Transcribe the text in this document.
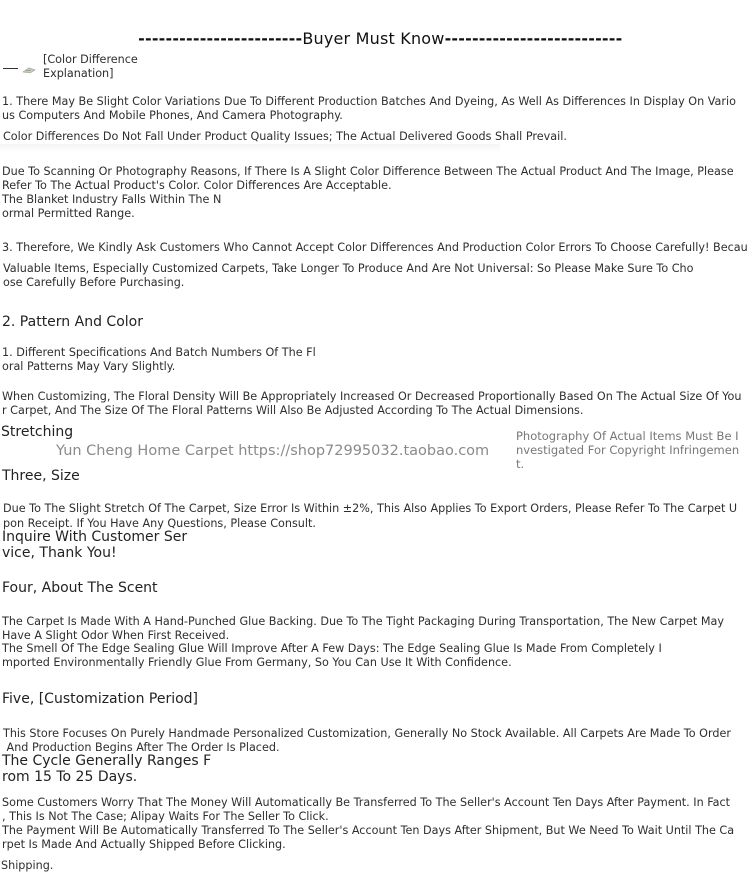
------------------------Buyer Must Know--------------------------

[Color Difference
Explanation]
1. There May Be Slight Color Variations Due To Different Production Batches And Dyeing, As Well As Differences In Display On Vario
us Computers And Mobile Phones, And Camera Photography.
Color Differences Do Not Fall Under Product Quality Issues; The Actual Delivered Goods Shall Prevail.
Due To Scanning Or Photography Reasons, If There Is A Slight Color Difference Between The Actual Product And The Image, Please
Refer To The Actual Product's Color. Color Differences Are Acceptable.
The Blanket Industry Falls Within The N
ormal Permitted Range.
3. Therefore, We Kindly Ask Customers Who Cannot Accept Color Differences And Production Color Errors To Choose Carefully! Becau
Valuable Items, Especially Customized Carpets, Take Longer To Produce And Are Not Universal: So Please Make Sure To Cho
ose Carefully Before Purchasing.
2. Pattern And Color
1. Different Specifications And Batch Numbers Of The Fl
oral Patterns May Vary Slightly.
When Customizing, The Floral Density Will Be Appropriately Increased Or Decreased Proportionally Based On The Actual Size Of You
r Carpet, And The Size Of The Floral Patterns Will Also Be Adjusted According To The Actual Dimensions.
Stretching
Yun Cheng Home Carpet https://shop72995032.taobao.com
Photography Of Actual Items Must Be I
nvestigated For Copyright Infringemen
t.
Three, Size
Due To The Slight Stretch Of The Carpet, Size Error Is Within ±2%, This Also Applies To Export Orders, Please Refer To The Carpet U
pon Receipt. If You Have Any Questions, Please Consult.
Inquire With Customer Ser
vice, Thank You!
Four, About The Scent
The Carpet Is Made With A Hand-Punched Glue Backing. Due To The Tight Packaging During Transportation, The New Carpet May
Have A Slight Odor When First Received.
The Smell Of The Edge Sealing Glue Will Improve After A Few Days: The Edge Sealing Glue Is Made From Completely I
mported Environmentally Friendly Glue From Germany, So You Can Use It With Confidence.
Five, [Customization Period]
This Store Focuses On Purely Handmade Personalized Customization, Generally No Stock Available. All Carpets Are Made To Order
And Production Begins After The Order Is Placed.
The Cycle Generally Ranges F
rom 15 To 25 Days.
Some Customers Worry That The Money Will Automatically Be Transferred To The Seller's Account Ten Days After Payment. In Fact
, This Is Not The Case; Alipay Waits For The Seller To Click.
The Payment Will Be Automatically Transferred To The Seller's Account Ten Days After Shipment, But We Need To Wait Until The Ca
rpet Is Made And Actually Shipped Before Clicking.
Shipping.
